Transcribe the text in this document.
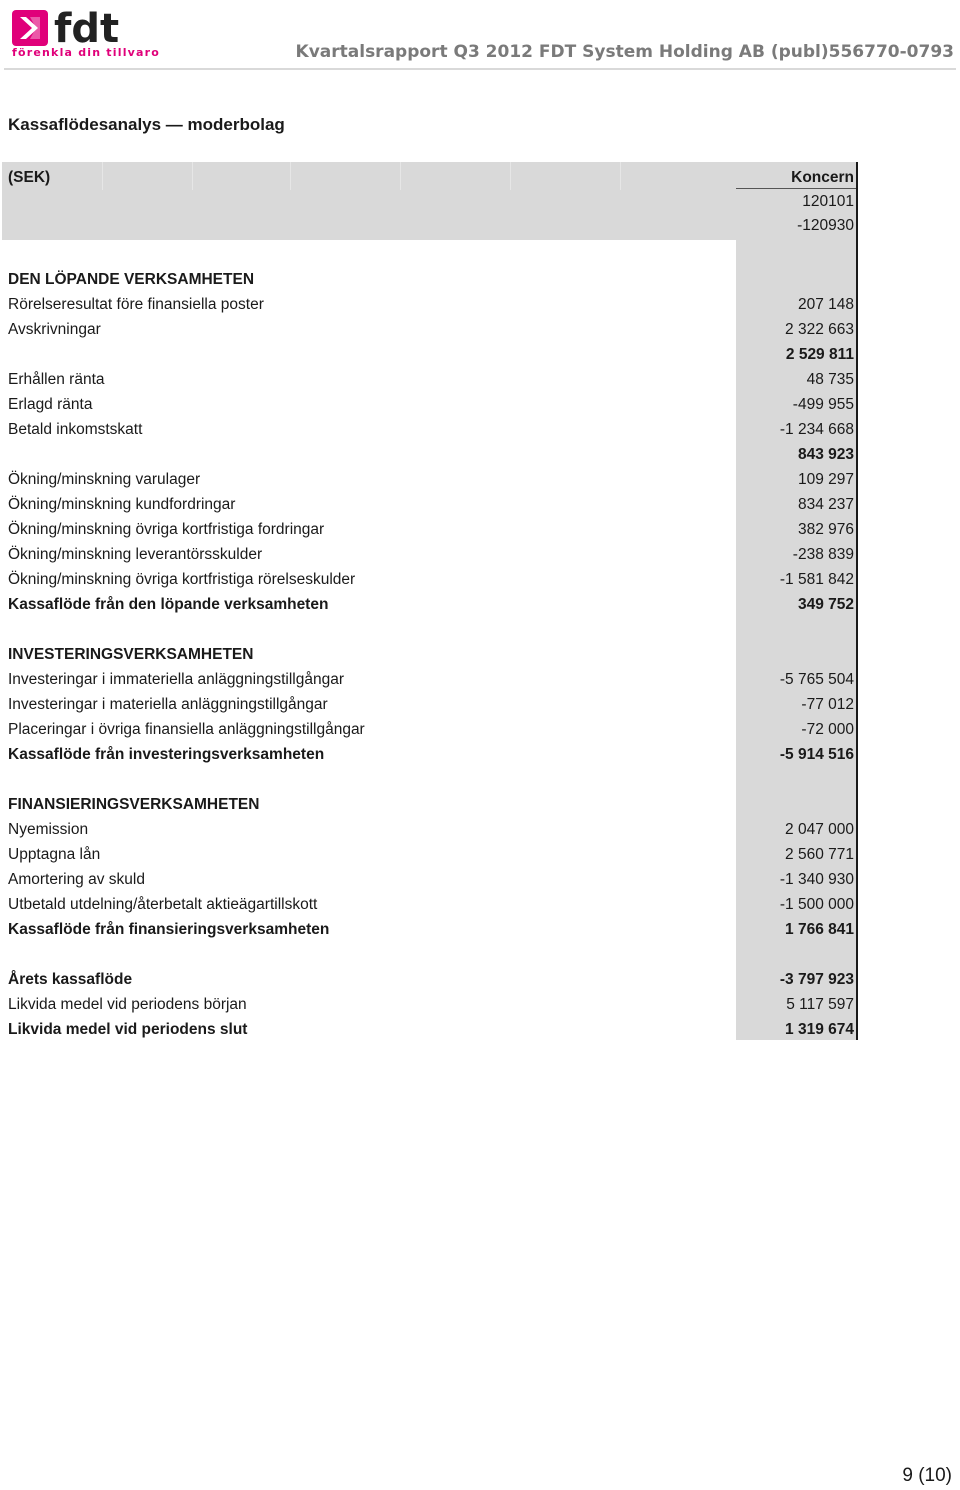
fdt
förenkla din tillvaro	Kvartalsrapport Q3 2012 FDT System Holding AB (publ)556770-0793
Kassaflödesanalys — moderbolag
(SEK)	Koncern
120101
-120930
DEN LÖPANDE VERKSAMHETEN
Rörelseresultat före finansiella poster	207 148
Avskrivningar	2 322 663
2 529 811
Erhållen ränta	48 735
Erlagd ränta	-499 955
Betald inkomstskatt	-1 234 668
843 923
Ökning/minskning varulager	109 297
Ökning/minskning kundfordringar	834 237
Ökning/minskning övriga kortfristiga fordringar	382 976
Ökning/minskning leverantörsskulder	-238 839
Ökning/minskning övriga kortfristiga rörelseskulder	-1 581 842
Kassaflöde från den löpande verksamheten	349 752
INVESTERINGSVERKSAMHETEN
Investeringar i immateriella anläggningstillgångar	-5 765 504
Investeringar i materiella anläggningstillgångar	-77 012
Placeringar i övriga finansiella anläggningstillgångar	-72 000
Kassaflöde från investeringsverksamheten	-5 914 516
FINANSIERINGSVERKSAMHETEN
Nyemission	2 047 000
Upptagna lån	2 560 771
Amortering av skuld	-1 340 930
Utbetald utdelning/återbetalt aktieägartillskott	-1 500 000
Kassaflöde från finansieringsverksamheten	1 766 841
Årets kassaflöde	-3 797 923
Likvida medel vid periodens början	5 117 597
Likvida medel vid periodens slut	1 319 674
9 (10)
